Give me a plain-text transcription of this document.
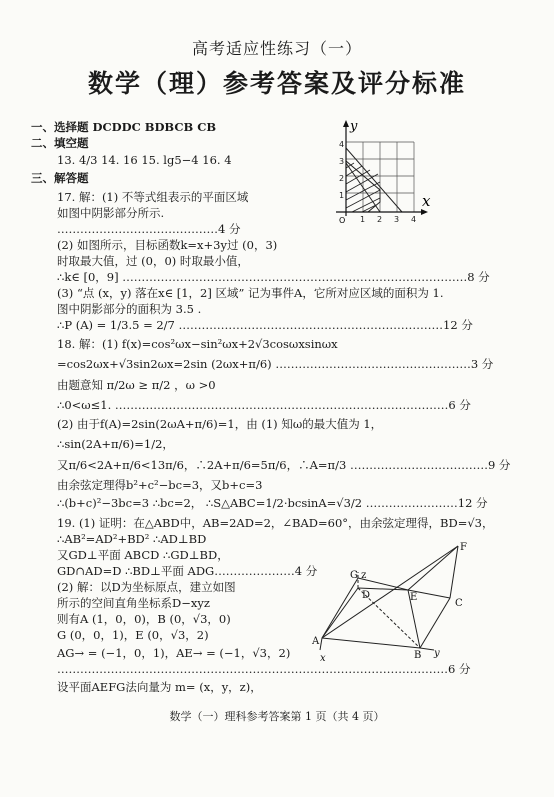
高考适应性练习（一）
数学（理）参考答案及评分标准
一、选择题 DCDDC BDBCB CB
二、填空题
13. 4/3 14. 16 15. lg5−4 16. 4
三、解答题
17. 解：(1) 不等式组表示的平面区域
如图中阴影部分所示.
……………………………………4 分
(2) 如图所示，目标函数k=x+3y过 (0，3)
时取最大值，过 (0，0) 时取最小值，
∴k∈ [0，9] ………………………………………………………………………………8 分
(3) “点 (x，y) 落在x∈ [1，2] 区域” 记为事件A，它所对应区域的面积为 1.
图中阴影部分的面积为 3.5 .
∴P (A) = 1/3.5 = 2/7 ……………………………………………………………12 分
18. 解：(1) f(x)=cos²ωx−sin²ωx+2√3cosωxsinωx
=cos2ωx+√3sin2ωx=2sin (2ωx+π/6) ……………………………………………3 分
由题意知 π/2ω ≥ π/2 ，ω >0
∴0<ω≤1. ……………………………………………………………………………6 分
(2) 由于f(A)=2sin(2ωA+π/6)=1，由 (1) 知ω的最大值为 1，
∴sin(2A+π/6)=1/2，
又π/6<2A+π/6<13π/6，∴2A+π/6=5π/6，∴A=π/3 ………………………………9 分
由余弦定理得b²+c²−bc=3，又b+c=3
∴(b+c)²−3bc=3 ∴bc=2， ∴S△ABC=1/2·bcsinA=√3/2 ……………………12 分
19. (1) 证明：在△ABD中，AB=2AD=2，∠BAD=60°，由余弦定理得，BD=√3，
∴AB²=AD²+BD² ∴AD⊥BD
又GD⊥平面 ABCD ∴GD⊥BD，
GD∩AD=D ∴BD⊥平面 ADG…………………4 分
(2) 解：以D为坐标原点，建立如图
所示的空间直角坐标系D−xyz
则有A (1，0，0)，B (0，√3，0)
G (0，0，1)，E (0，√3，2)
AG→ = (−1，0，1)，AE→ = (−1，√3，2)
…………………………………………………………………………………………6 分
设平面AEFG法向量为 m= (x，y，z)，
数学（一）理科参考答案第 1 页（共 4 页）
y
x
O 1 2 3 4
1
2
3
4
G z
D	E
C
F
A
B
x	y
